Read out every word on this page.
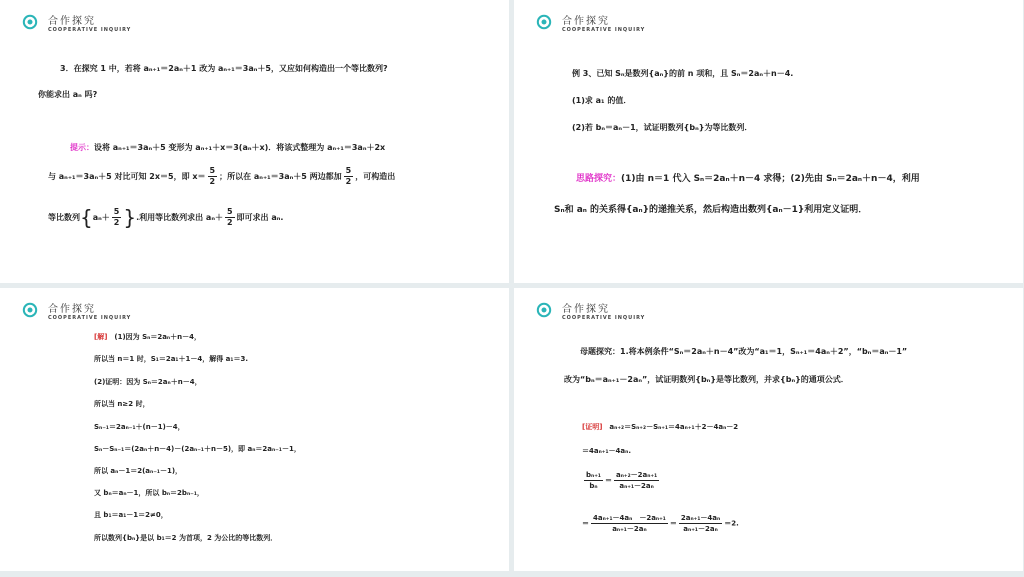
合作探究
COOPERATIVE INQUIRY
3．在探究 1 中，若将 aₙ₊₁＝2aₙ＋1 改为 aₙ₊₁＝3aₙ＋5，又应如何构造出一个等比数列?
你能求出 aₙ 吗?
提示：设将 aₙ₊₁＝3aₙ＋5 变形为 aₙ₊₁＋x＝3(aₙ＋x)．将该式整理为 aₙ₊₁＝3aₙ＋2x
与 aₙ₊₁＝3aₙ＋5 对比可知 2x＝5，即 $x= \frac{5}{2}$ ；所以在 aₙ₊₁＝3aₙ＋5 两边都加 $\frac{5}{2}$ ，可构造出
等比数列{$a_n+ \frac{5}{2}$ }.利用等比数列求出 $a_n+ \frac{5}{2}$ 即可求出 aₙ.
合作探究
COOPERATIVE INQUIRY
例 3、已知 Sₙ是数列{aₙ}的前 n 项和，且 Sₙ＝2aₙ＋n－4.
(1)求 a₁ 的值．
(2)若 bₙ＝aₙ－1，试证明数列{bₙ}为等比数列．
思路探究：(1)由 n＝1 代入 Sₙ＝2aₙ＋n－4 求得；(2)先由 Sₙ＝2aₙ＋n－4，利用
Sₙ和 aₙ 的关系得{aₙ}的递推关系，然后构造出数列{aₙ－1}利用定义证明．
合作探究
COOPERATIVE INQUIRY
[解]　 (1)因为 Sₙ＝2aₙ＋n－4，
所以当 n＝1 时，S₁＝2a₁＋1－4，解得 a₁＝3.
(2)证明：因为 Sₙ＝2aₙ＋n－4，
所以当 n≥2 时，
Sₙ₋₁＝2aₙ₋₁＋(n－1)－4，
Sₙ－Sₙ₋₁＝(2aₙ＋n－4)－(2aₙ₋₁＋n－5)，即 aₙ＝2aₙ₋₁－1，
所以 aₙ－1＝2(aₙ₋₁－1)，
又 bₙ＝aₙ－1，所以 bₙ＝2bₙ₋₁，
且 b₁＝a₁－1＝2≠0，
所以数列{bₙ}是以 b₁＝2 为首项，2 为公比的等比数列．
合作探究
COOPERATIVE INQUIRY
母题探究：1.将本例条件“Sₙ＝2aₙ＋n－4”改为“a₁＝1，Sₙ₊₁＝4aₙ＋2”，“bₙ＝aₙ－1”
改为“bₙ＝aₙ₊₁－2aₙ”，试证明数列{bₙ}是等比数列，并求{bₙ}的通项公式．
[证明]　 aₙ₊₂＝Sₙ₊₂－Sₙ₊₁＝4aₙ₊₁＋2－4aₙ－2
＝4aₙ₊₁－4aₙ.
$\frac{\text{bₙ₊₁}}{\text{bₙ}} = \frac{\text{aₙ₊₂－2aₙ₊₁}}{\text{aₙ₊₁－2aₙ}}$
＝ $\frac{\text{4aₙ₊₁－4aₙ　－2aₙ₊₁}}{\text{aₙ₊₁－2aₙ}} = \frac{\text{2aₙ₊₁－4aₙ}}{\text{aₙ₊₁－2aₙ}} =2$.
